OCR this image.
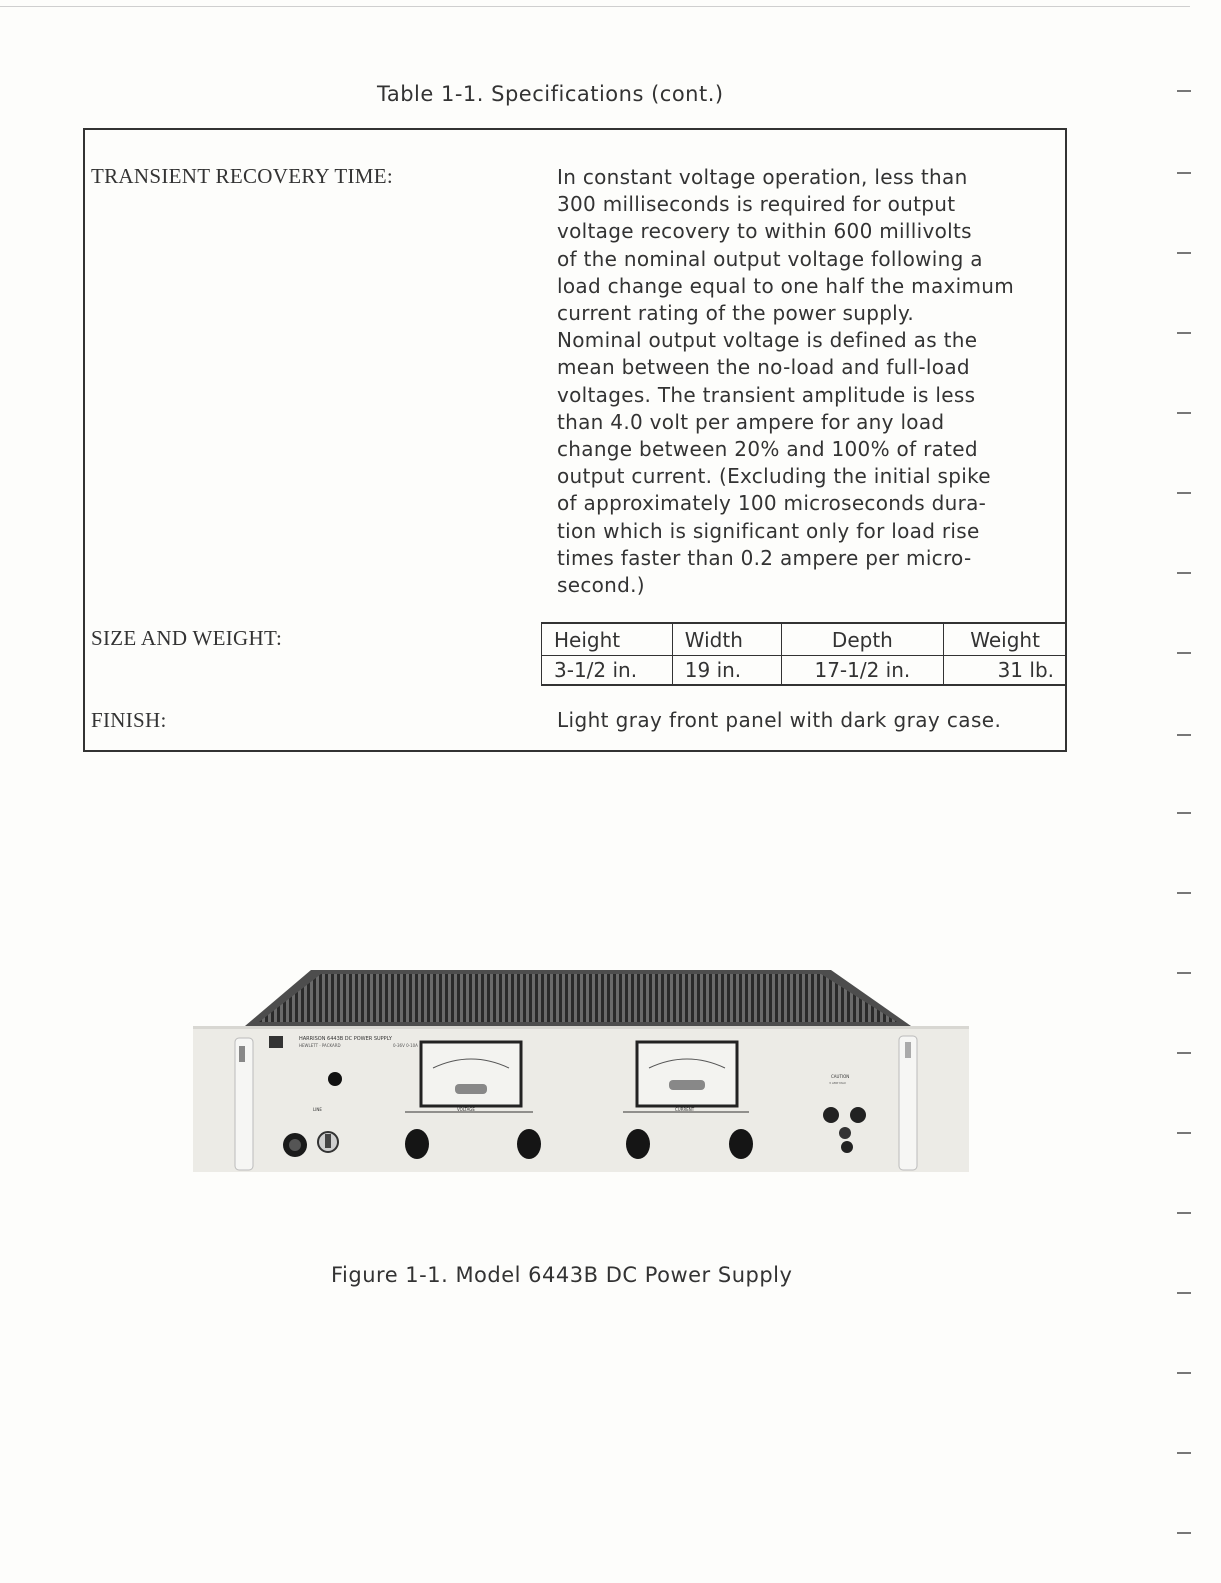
Table 1-1. Specifications (cont.)
TRANSIENT RECOVERY TIME:	In constant voltage operation, less than
300 milliseconds is required for output
voltage recovery to within 600 millivolts
of the nominal output voltage following a
load change equal to one half the maximum
current rating of the power supply.
Nominal output voltage is defined as the
mean between the no-load and full-load
voltages. The transient amplitude is less
than 4.0 volt per ampere for any load
change between 20% and 100% of rated
output current. (Excluding the initial spike
of approximately 100 microseconds dura-
tion which is significant only for load rise
times faster than 0.2 ampere per micro-
second.)
SIZE AND WEIGHT:	Height	Width	Depth	Weight
3-1/2 in.	19 in.	17-1/2 in.	31 lb.
FINISH:	Light gray front panel with dark gray case.
HARRISON 6443B DC POWER SUPPLY
HEWLETT · PACKARD	0-36V 0-10A
LINE	VOLTAGE	CURRENT
CAUTION
3 AMP MAX
Figure 1-1. Model 6443B DC Power Supply
